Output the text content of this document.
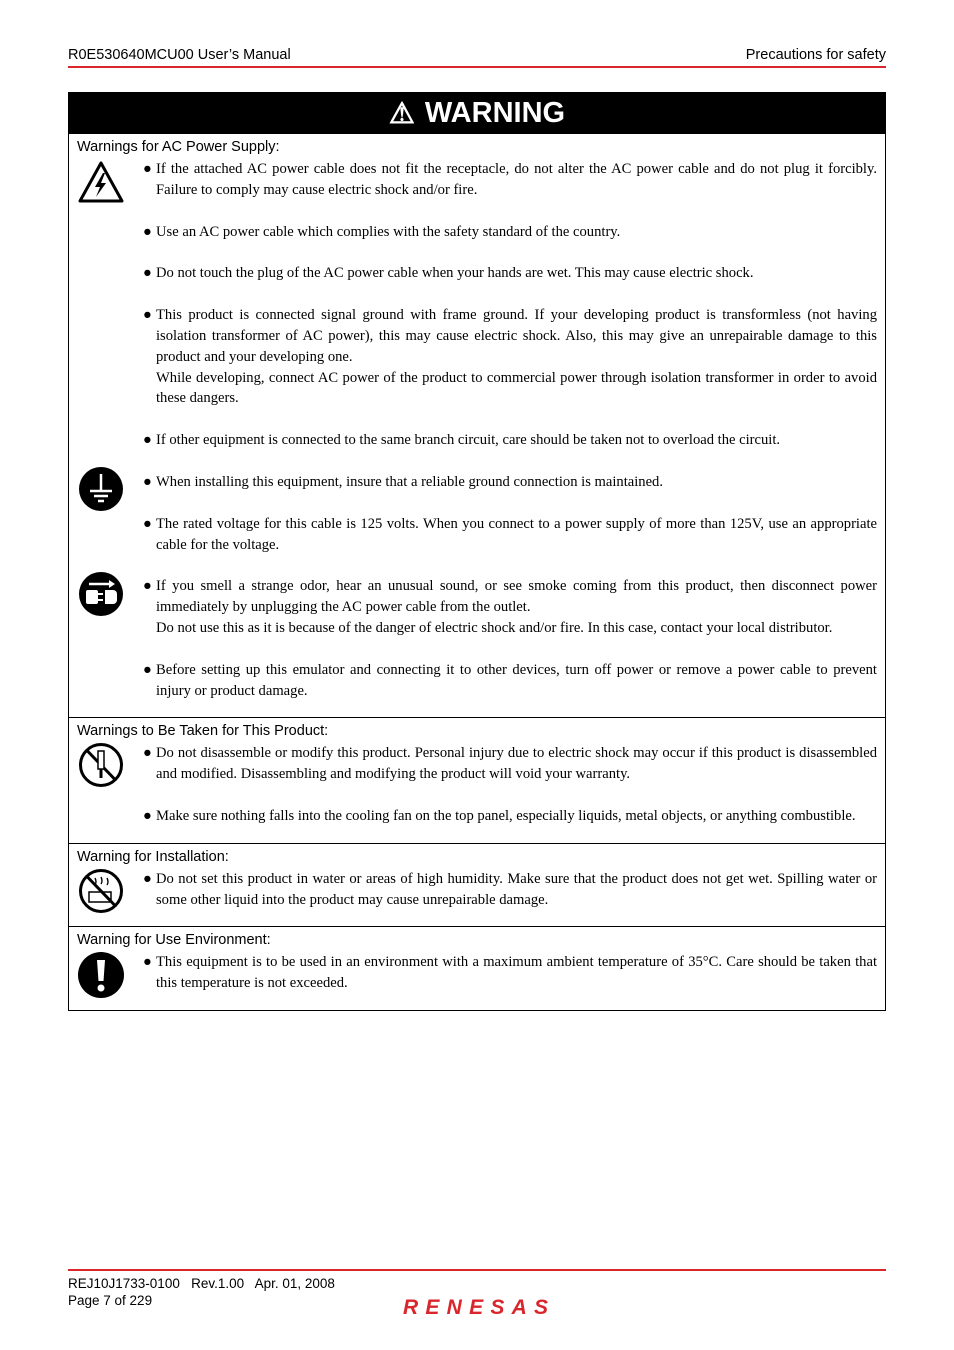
R0E530640MCU00 User’s Manual	Precautions for safety
⚠ WARNING
Warnings for AC Power Supply:
● If the attached AC power cable does not fit the receptacle, do not alter the AC power cable and do not plug it forcibly. Failure to comply may cause electric shock and/or fire.

● Use an AC power cable which complies with the safety standard of the country.

● Do not touch the plug of the AC power cable when your hands are wet. This may cause electric shock.

● This product is connected signal ground with frame ground. If your developing product is transformless (not having isolation transformer of AC power), this may cause electric shock. Also, this may give an unrepairable damage to this product and your developing one.

While developing, connect AC power of the product to commercial power through isolation transformer in order to avoid these dangers.

● If other equipment is connected to the same branch circuit, care should be taken not to overload the circuit.

● When installing this equipment, insure that a reliable ground connection is maintained.

● The rated voltage for this cable is 125 volts. When you connect to a power supply of more than 125V, use an appropriate cable for the voltage.

● If you smell a strange odor, hear an unusual sound, or see smoke coming from this product, then disconnect power immediately by unplugging the AC power cable from the outlet.

Do not use this as it is because of the danger of electric shock and/or fire. In this case, contact your local distributor.

● Before setting up this emulator and connecting it to other devices, turn off power or remove a power cable to prevent injury or product damage.

Warnings to Be Taken for This Product:
● Do not disassemble or modify this product. Personal injury due to electric shock may occur if this product is disassembled and modified. Disassembling and modifying the product will void your warranty.

● Make sure nothing falls into the cooling fan on the top panel, especially liquids, metal objects, or anything combustible.

Warning for Installation:
● Do not set this product in water or areas of high humidity. Make sure that the product does not get wet. Spilling water or some other liquid into the product may cause unrepairable damage.

Warning for Use Environment:
● This equipment is to be used in an environment with a maximum ambient temperature of 35°C. Care should be taken that this temperature is not exceeded.

REJ10J1733-0100   Rev.1.00   Apr. 01, 2008
Page 7 of 229	RENESAS
